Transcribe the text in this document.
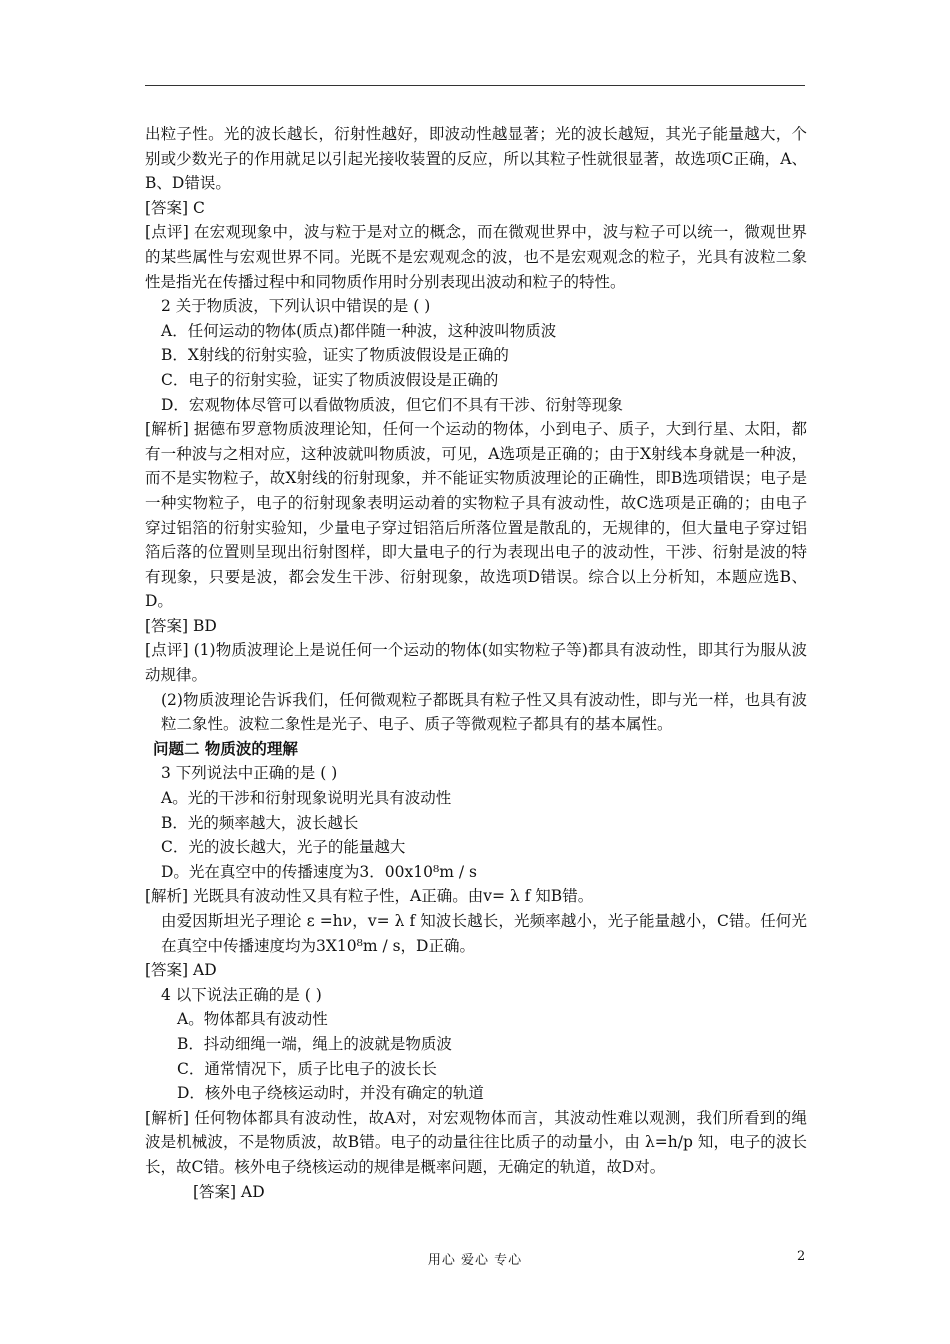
出粒子性。光的波长越长，衍射性越好，即波动性越显著；光的波长越短，其光子能量越大，个别或少数光子的作用就足以引起光接收装置的反应，所以其粒子性就很显著，故选项C正确，A、B、D错误。

[答案] C

[点评] 在宏观现象中，波与粒于是对立的概念，而在微观世界中，波与粒子可以统一，微观世界的某些属性与宏观世界不同。光既不是宏观观念的波，也不是宏观观念的粒子，光具有波粒二象性是指光在传播过程中和同物质作用时分别表现出波动和粒子的特性。

2 关于物质波，下列认识中错误的是 ( )

A．任何运动的物体(质点)都伴随一种波，这种波叫物质波

B．X射线的衍射实验，证实了物质波假设是正确的

C．电子的衍射实验，证实了物质波假设是正确的

D．宏观物体尽管可以看做物质波，但它们不具有干涉、衍射等现象

[解析] 据德布罗意物质波理论知，任何一个运动的物体，小到电子、质子，大到行星、太阳，都有一种波与之相对应，这种波就叫物质波，可见，A选项是正确的；由于X射线本身就是一种波，而不是实物粒子，故X射线的衍射现象，并不能证实物质波理论的正确性，即B选项错误；电子是一种实物粒子，电子的衍射现象表明运动着的实物粒子具有波动性，故C选项是正确的；由电子穿过铝箔的衍射实验知，少量电子穿过铝箔后所落位置是散乱的，无规律的，但大量电子穿过铝箔后落的位置则呈现出衍射图样，即大量电子的行为表现出电子的波动性，干涉、衍射是波的特有现象，只要是波，都会发生干涉、衍射现象，故选项D错误。综合以上分析知，本题应选B、D。

[答案] BD

[点评] (1)物质波理论上是说任何一个运动的物体(如实物粒子等)都具有波动性，即其行为服从波动规律。

(2)物质波理论告诉我们，任何微观粒子都既具有粒子性又具有波动性，即与光一样，也具有波粒二象性。波粒二象性是光子、电子、质子等微观粒子都具有的基本属性。

问题二 物质波的理解

3 下列说法中正确的是 ( )

A。光的干涉和衍射现象说明光具有波动性

B．光的频率越大，波长越长

C．光的波长越大，光子的能量越大

D。光在真空中的传播速度为3．00x10⁸m / s

[解析] 光既具有波动性又具有粒子性，A正确。由v= λ f 知B错。

由爱因斯坦光子理论 ε =hν，v= λ f 知波长越长，光频率越小，光子能量越小，C错。任何光在真空中传播速度均为3X10⁸m / s，D正确。

[答案] AD

4 以下说法正确的是 ( )

A。物体都具有波动性

B．抖动细绳一端，绳上的波就是物质波

C．通常情况下，质子比电子的波长长

D．核外电子绕核运动时，并没有确定的轨道

[解析] 任何物体都具有波动性，故A对，对宏观物体而言，其波动性难以观测，我们所看到的绳波是机械波，不是物质波，故B错。电子的动量往往比质子的动量小，由 λ=h/p 知，电子的波长长，故C错。核外电子绕核运动的规律是概率问题，无确定的轨道，故D对。

[答案] AD

用心 爱心 专心	2
